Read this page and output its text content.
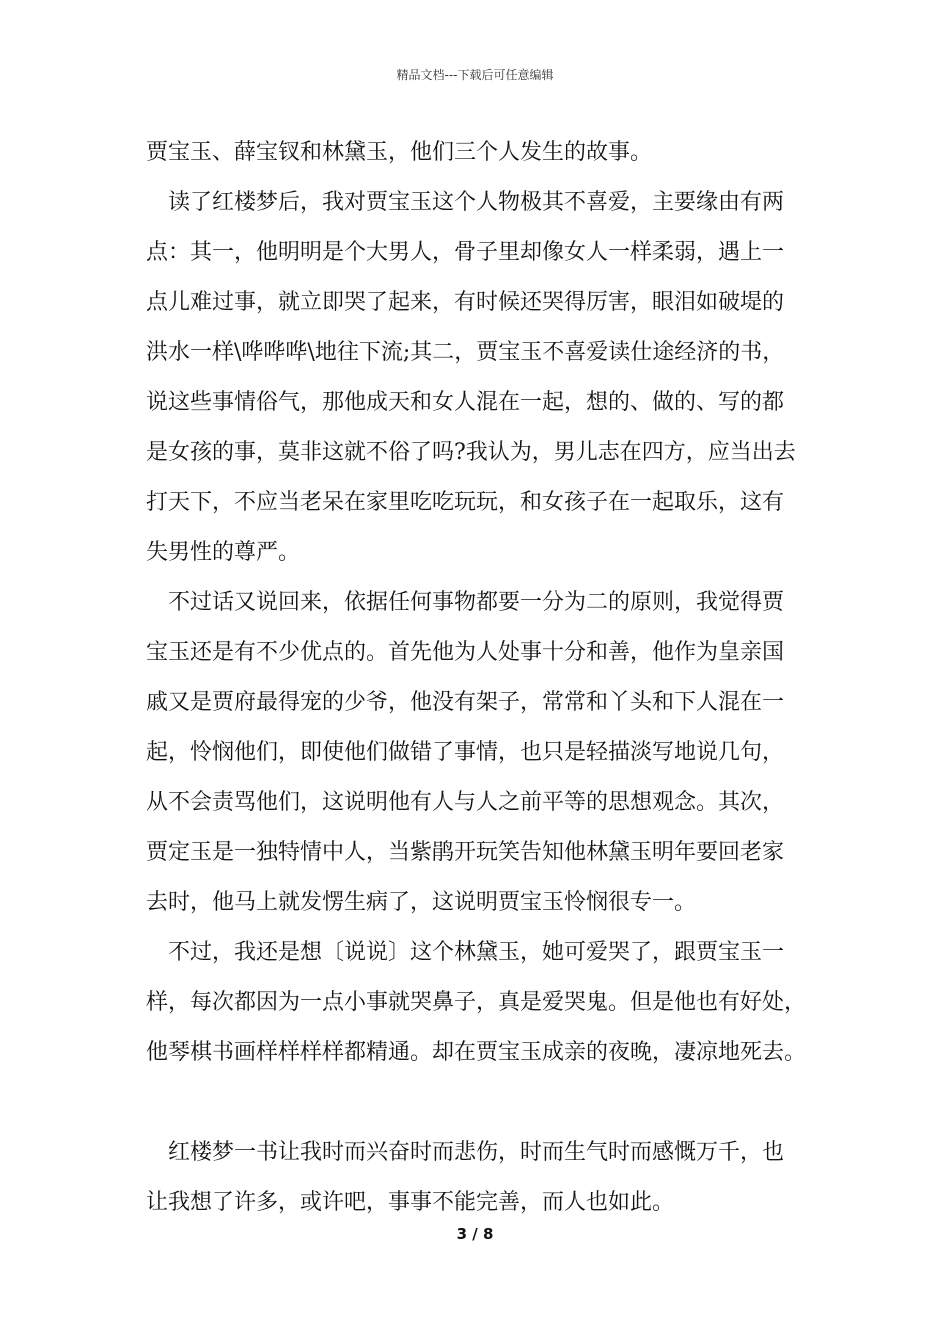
精品文档---下载后可任意编辑
贾宝玉、薛宝钗和林黛玉，他们三个人发生的故事。
读了红楼梦后，我对贾宝玉这个人物极其不喜爱，主要缘由有两
点：其一，他明明是个大男人，骨子里却像女人一样柔弱，遇上一
点儿难过事，就立即哭了起来，有时候还哭得厉害，眼泪如破堤的
洪水一样\哗哗哗\地往下流;其二，贾宝玉不喜爱读仕途经济的书，
说这些事情俗气，那他成天和女人混在一起，想的、做的、写的都
是女孩的事，莫非这就不俗了吗?我认为，男儿志在四方，应当出去
打天下，不应当老呆在家里吃吃玩玩，和女孩子在一起取乐，这有
失男性的尊严。
不过话又说回来，依据任何事物都要一分为二的原则，我觉得贾
宝玉还是有不少优点的。首先他为人处事十分和善，他作为皇亲国
戚又是贾府最得宠的少爷，他没有架子，常常和丫头和下人混在一
起，怜悯他们，即使他们做错了事情，也只是轻描淡写地说几句，
从不会责骂他们，这说明他有人与人之前平等的思想观念。其次，
贾定玉是一独特情中人，当紫鹃开玩笑告知他林黛玉明年要回老家
去时，他马上就发愣生病了，这说明贾宝玉怜悯很专一。
不过，我还是想〔说说〕这个林黛玉，她可爱哭了，跟贾宝玉一
样，每次都因为一点小事就哭鼻子，真是爱哭鬼。但是他也有好处，
他琴棋书画样样样样都精通。却在贾宝玉成亲的夜晚，凄凉地死去。
红楼梦一书让我时而兴奋时而悲伤，时而生气时而感慨万千，也
让我想了许多，或许吧，事事不能完善，而人也如此。
3 / 8
